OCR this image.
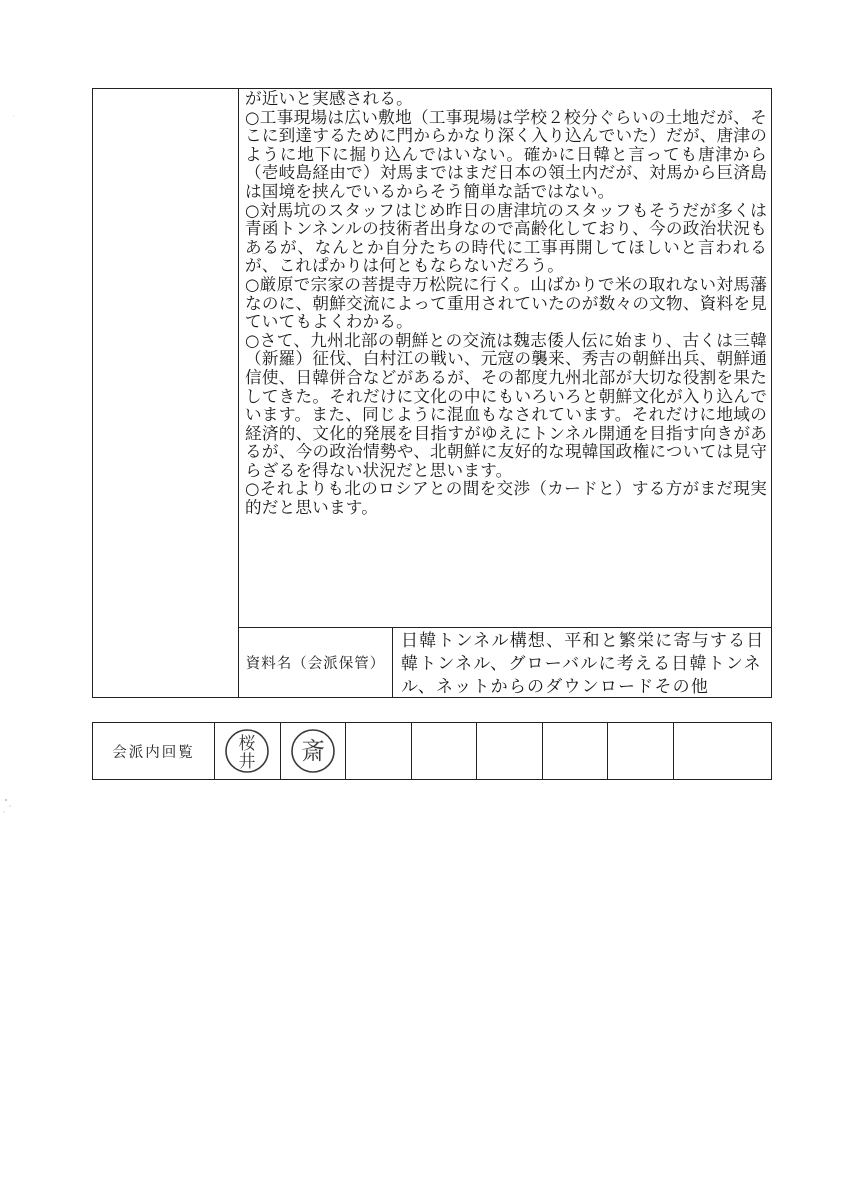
が近いと実感される。

○工事現場は広い敷地（工事現場は学校２校分ぐらいの土地だが、そこに到達するために門からかなり深く入り込んでいた）だが、唐津のように地下に掘り込んではいない。確かに日韓と言っても唐津から（壱岐島経由で）対馬まではまだ日本の領土内だが、対馬から巨済島は国境を挟んでいるからそう簡単な話ではない。

○対馬坑のスタッフはじめ昨日の唐津坑のスタッフもそうだが多くは青函トンネンルの技術者出身なので高齢化しており、今の政治状況もあるが、なんとか自分たちの時代に工事再開してほしいと言われるが、これぱかりは何ともならないだろう。

○厳原で宗家の菩提寺万松院に行く。山ばかりで米の取れない対馬藩なのに、朝鮮交流によって重用されていたのが数々の文物、資料を見ていてもよくわかる。

○さて、九州北部の朝鮮との交流は魏志倭人伝に始まり、古くは三韓（新羅）征伐、白村江の戦い、元寇の襲来、秀吉の朝鮮出兵、朝鮮通信使、日韓併合などがあるが、その都度九州北部が大切な役割を果たしてきた。それだけに文化の中にもいろいろと朝鮮文化が入り込んでいます。また、同じように混血もなされています。それだけに地域の経済的、文化的発展を目指すがゆえにトンネル開通を目指す向きがあるが、今の政治情勢や、北朝鮮に友好的な現韓国政権については見守らざるを得ない状況だと思います。

○それよりも北のロシアとの間を交渉（カードと）する方がまだ現実的だと思います。

資料名（会派保管）
日韓トンネル構想、平和と繁栄に寄与する日韓トンネル、グローバルに考える日韓トンネル、ネットからのダウンロードその他
会派内回覧	桜
井 斎
